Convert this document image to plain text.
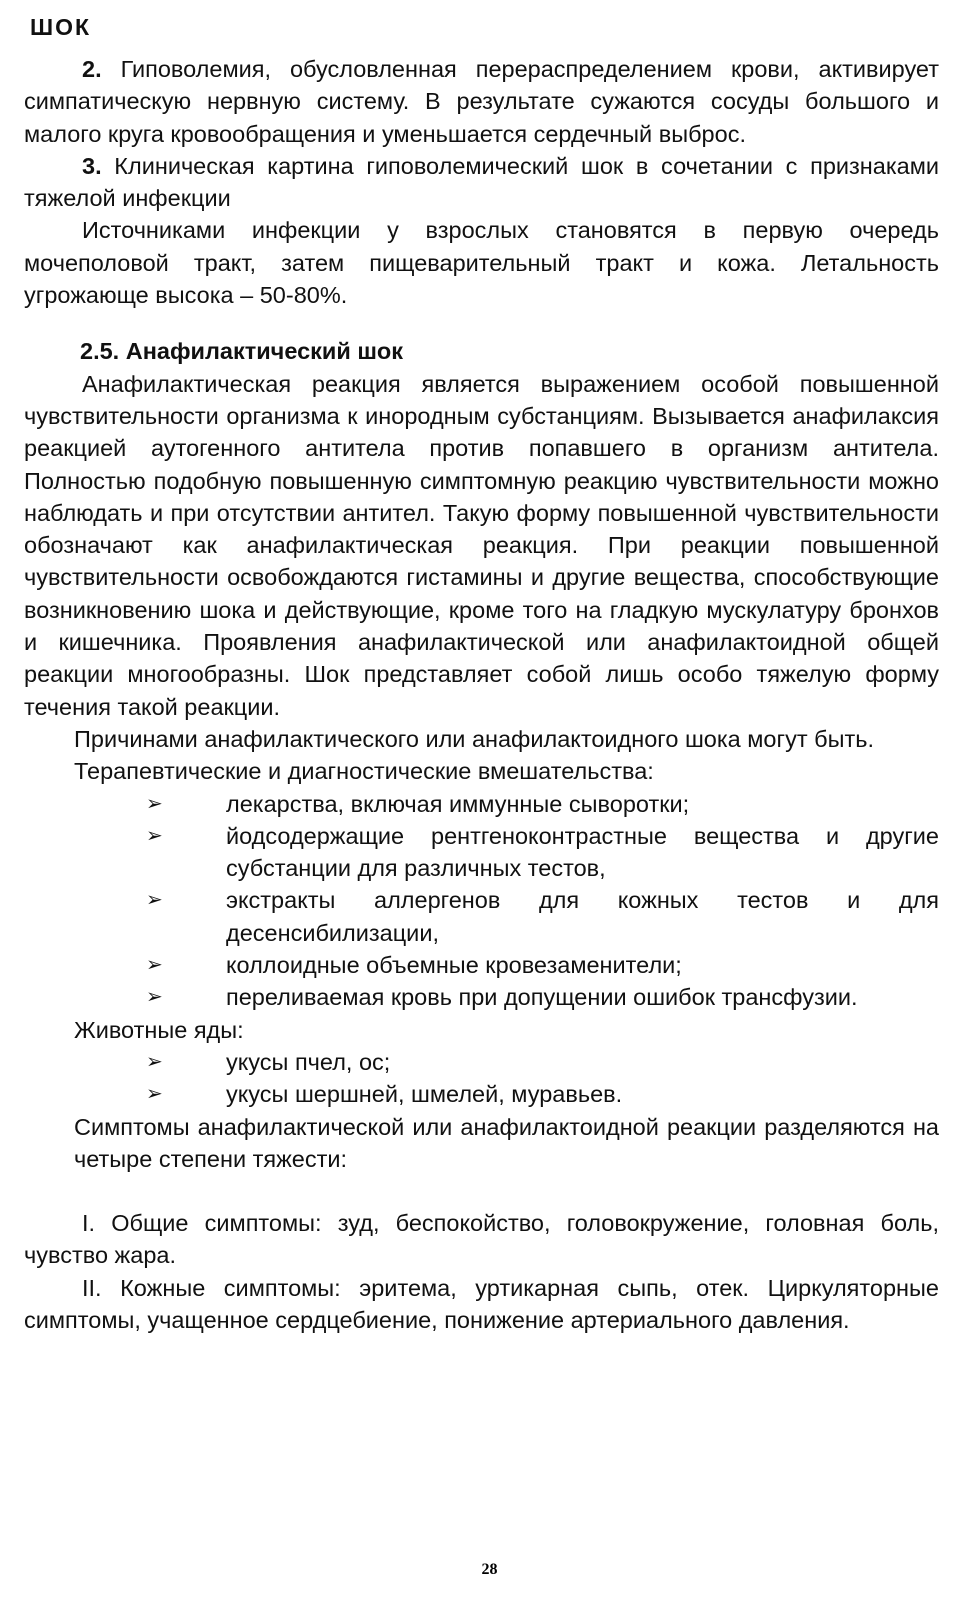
ШОК

2. Гиповолемия, обусловленная перераспределением крови, активирует симпатическую нервную систему. В результате сужаются сосуды большого и малого круга кровообращения и уменьшается сердечный выброс.

3. Клиническая картина гиповолемический шок в сочетании с признаками тяжелой инфекции

Источниками инфекции у взрослых становятся в первую очередь мочеполовой тракт, затем пищеварительный тракт и кожа. Летальность угрожающе высока – 50-80%.

2.5. Анафилактический шок

Анафилактическая реакция является выражением особой повышенной чувствительности организма к инородным субстанциям. Вызывается анафилаксия реакцией аутогенного антитела против попавшего в организм антитела. Полностью подобную повышенную симптомную реакцию чувствительности можно наблюдать и при отсутствии антител. Такую форму повышенной чувствительности обозначают как анафилактическая реакция. При реакции повышенной чувствительности освобождаются гистамины и другие вещества, способствующие возникновению шока и действующие, кроме того на гладкую мускулатуру бронхов и кишечника. Проявления анафилактической или анафилактоидной общей реакции многообразны. Шок представляет собой лишь особо тяжелую форму течения такой реакции.

Причинами анафилактического или анафилактоидного шока могут быть.

Терапевтические и диагностические вмешательства:
➢	лекарства, включая иммунные сыворотки;
➢	йодсодержащие рентгеноконтрастные вещества и другие субстанции для различных тестов,
➢	экстракты аллергенов для кожных тестов и для десенсибилизации,
➢	коллоидные объемные кровезаменители;
➢	переливаемая кровь при допущении ошибок трансфузии.
Животные яды:
➢	укусы пчел, ос;
➢	укусы шершней, шмелей, муравьев.

Симптомы анафилактической или анафилактоидной реакции разделяются на четыре степени тяжести:

I. Общие симптомы: зуд, беспокойство, головокружение, головная боль, чувство жара.

II. Кожные симптомы: эритема, уртикарная сыпь, отек. Циркуляторные симптомы, учащенное сердцебиение, понижение артериального давления.

28
